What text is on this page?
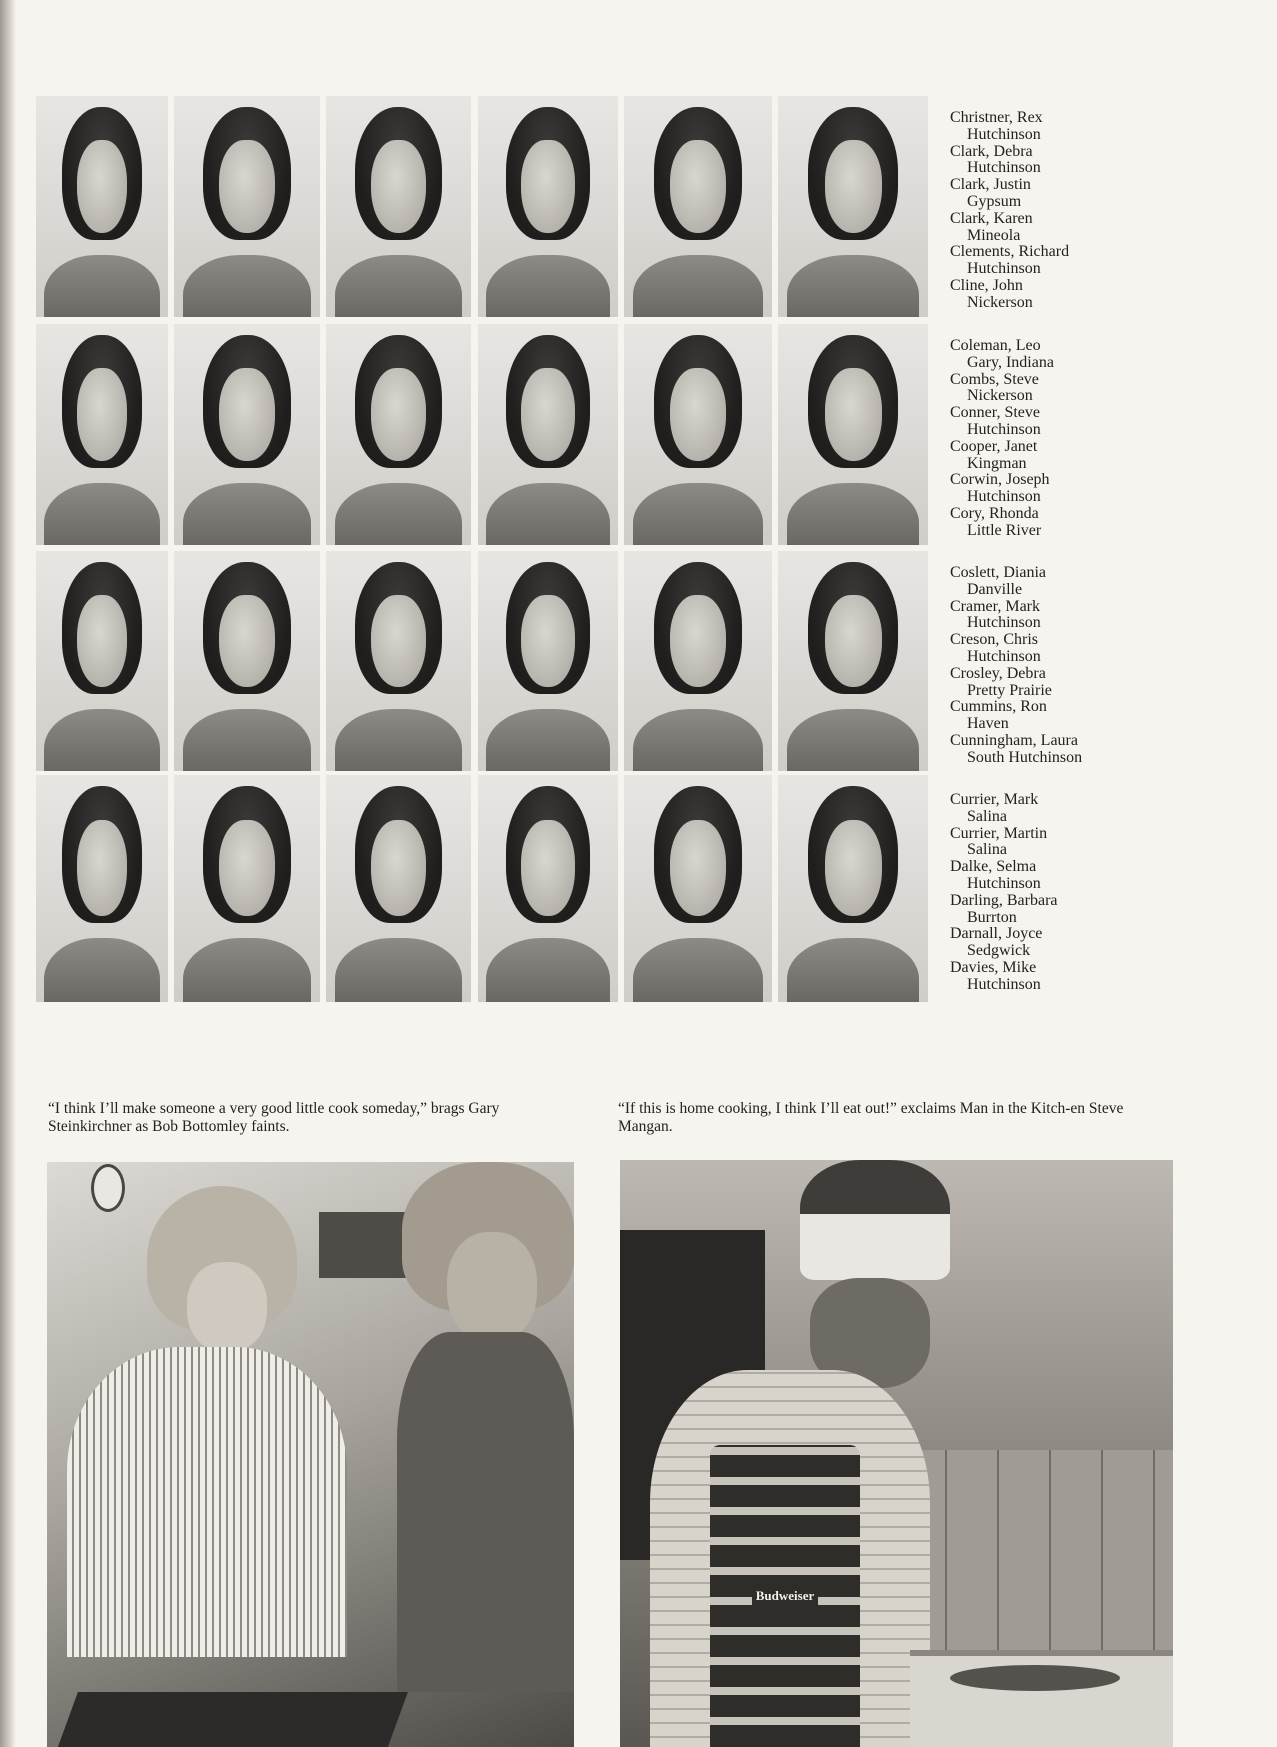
Christner, Rex
Hutchinson
Clark, Debra
Hutchinson
Clark, Justin
Gypsum
Clark, Karen
Mineola
Clements, Richard
Hutchinson
Cline, John
Nickerson
Coleman, Leo
Gary, Indiana
Combs, Steve
Nickerson
Conner, Steve
Hutchinson
Cooper, Janet
Kingman
Corwin, Joseph
Hutchinson
Cory, Rhonda
Little River
Coslett, Diania
Danville
Cramer, Mark
Hutchinson
Creson, Chris
Hutchinson
Crosley, Debra
Pretty Prairie
Cummins, Ron
Haven
Cunningham, Laura
South Hutchinson
Currier, Mark
Salina
Currier, Martin
Salina
Dalke, Selma
Hutchinson
Darling, Barbara
Burrton
Darnall, Joyce
Sedgwick
Davies, Mike
Hutchinson
“I think I’ll make someone a very good little cook someday,” brags Gary Steinkirchner as Bob Bottomley faints.
“If this is home cooking, I think I’ll eat out!” exclaims Man in the Kitch-en Steve Mangan.
Budweiser
